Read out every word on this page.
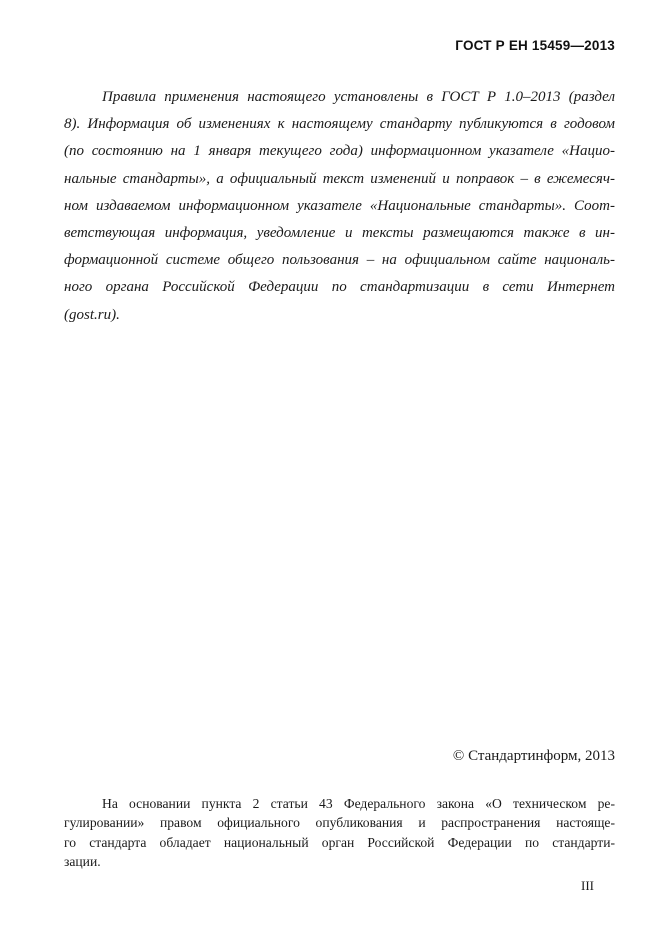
ГОСТ Р ЕН 15459—2013
Правила применения настоящего установлены в ГОСТ Р 1.0–2013 (раздел
8). Информация об изменениях к настоящему стандарту публикуются в годовом
(по состоянию на 1 января текущего года) информационном указателе «Нацио-
нальные стандарты», а официальный текст изменений и поправок – в ежемесяч-
ном издаваемом информационном указателе «Национальные стандарты». Соот-
ветствующая информация, уведомление и тексты размещаются также в ин-
формационной системе общего пользования – на официальном сайте националь-
ного органа Российской Федерации по стандартизации в сети Интернет
(gost.ru).
© Стандартинформ, 2013
На основании пункта 2 статьи 43 Федерального закона «О техническом ре-
гулировании» правом официального опубликования и распространения настояще-
го стандарта обладает национальный орган Российской Федерации по стандарти-
зации.
III
